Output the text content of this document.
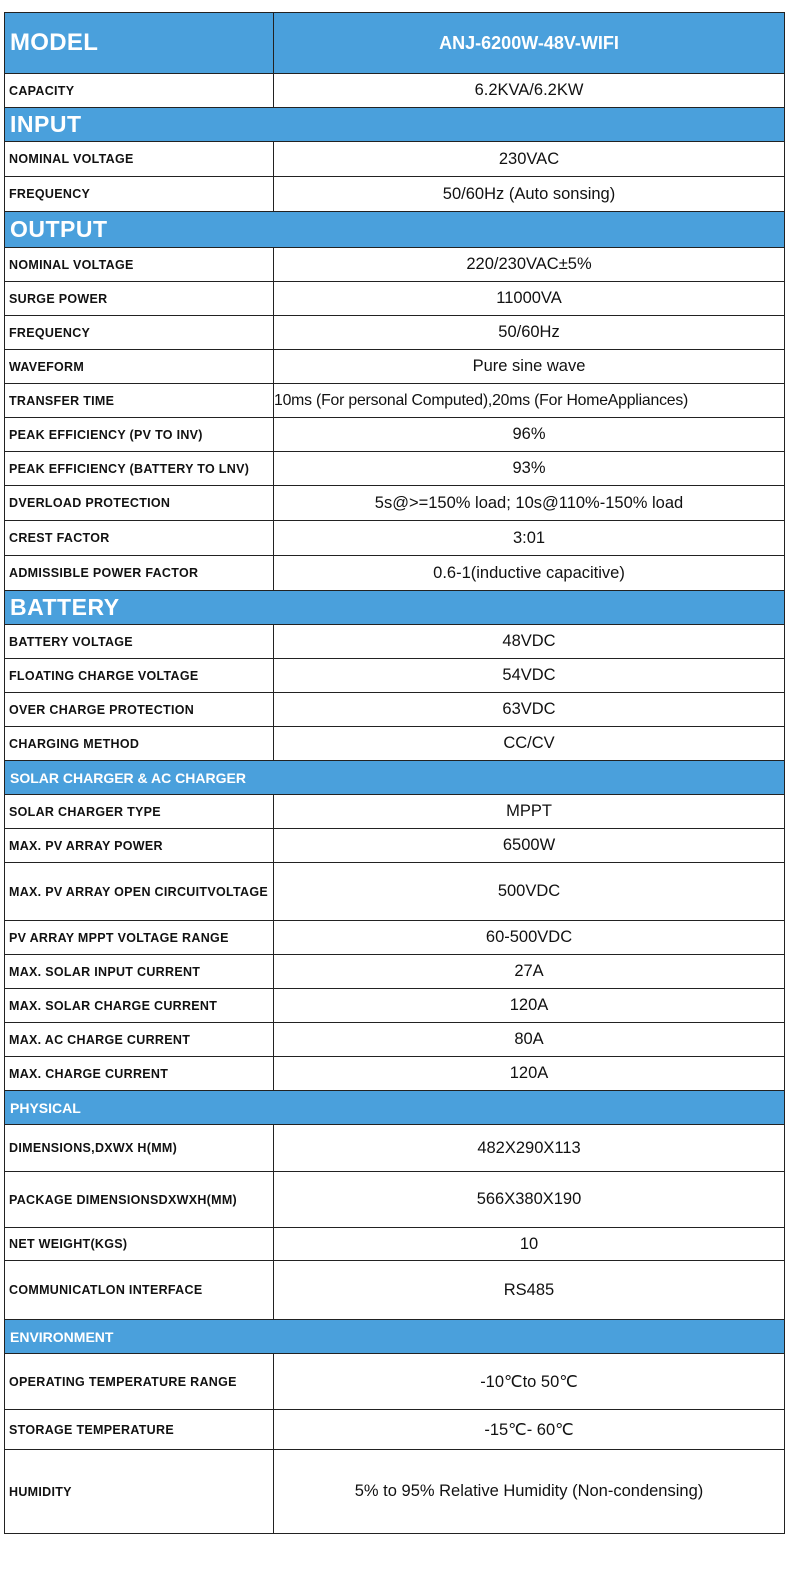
MODEL	ANJ-6200W-48V-WIFI
CAPACITY	6.2KVA/6.2KW
INPUT
NOMINAL VOLTAGE	230VAC
FREQUENCY	50/60Hz (Auto sonsing)
OUTPUT
NOMINAL VOLTAGE	220/230VAC±5%
SURGE POWER	11000VA
FREQUENCY	50/60Hz
WAVEFORM	Pure sine wave
TRANSFER TIME	10ms (For personal Computed),20ms (For HomeAppliances)
PEAK EFFICIENCY (PV TO INV)	96%
PEAK EFFICIENCY (BATTERY TO LNV)	93%
DVERLOAD PROTECTION	5s@>=150% load; 10s@110%-150% load
CREST FACTOR	3:01
ADMISSIBLE POWER FACTOR	0.6-1(inductive capacitive)
BATTERY
BATTERY VOLTAGE	48VDC
FLOATING CHARGE VOLTAGE	54VDC
OVER CHARGE PROTECTION	63VDC
CHARGING METHOD	CC/CV
SOLAR CHARGER & AC CHARGER
SOLAR CHARGER TYPE	MPPT
MAX. PV ARRAY POWER	6500W
MAX. PV ARRAY OPEN CIRCUITVOLTAGE	500VDC
PV ARRAY MPPT VOLTAGE RANGE	60-500VDC
MAX. SOLAR INPUT CURRENT	27A
MAX. SOLAR CHARGE CURRENT	120A
MAX. AC CHARGE CURRENT	80A
MAX. CHARGE CURRENT	120A
PHYSICAL
DIMENSIONS,DXWX H(MM)	482X290X113
PACKAGE DIMENSIONSDXWXH(MM)	566X380X190
NET WEIGHT(KGS)	10
COMMUNICATLON INTERFACE	RS485
ENVIRONMENT
OPERATING TEMPERATURE RANGE	-10℃to 50℃
STORAGE TEMPERATURE	-15℃- 60℃
HUMIDITY	5% to 95% Relative Humidity (Non-condensing)
